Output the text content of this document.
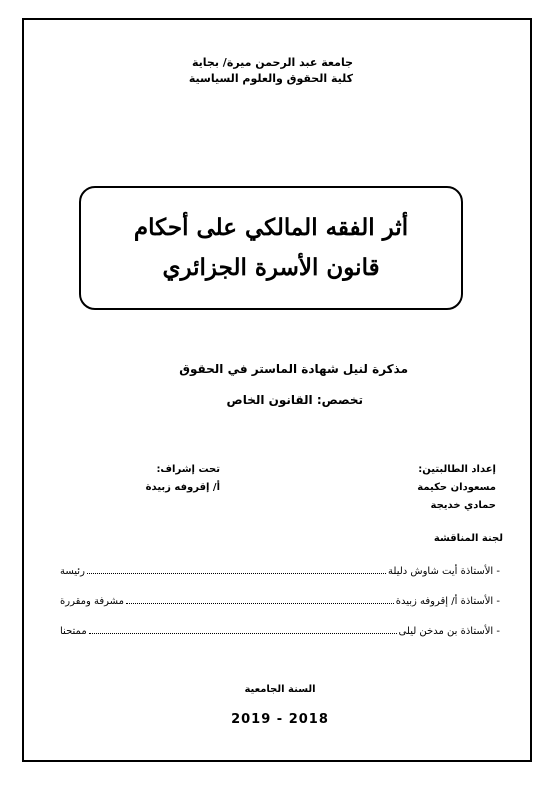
جامعة عبد الرحمن ميرة/ بجاية
كلية الحقوق والعلوم السياسية
أثر الفقه المالكي على أحكام
قانون الأسرة الجزائري
مذكرة لنيل شهادة الماستر في الحقوق
تخصص: القانون الخاص
إعداد الطالبتين:
مسعودان حكيمة
حمادي خديجة
تحت إشراف:
أ/ إقروفه زبيدة
لجنة المناقشة
- الأستاذة أيت شاوش دليلة
رئيسة
- الأستاذة أ/ إقروفه زبيدة
مشرفة ومقررة
- الأستاذة بن مدخن ليلى
ممتحنا
السنة الجامعية
2018 - 2019
